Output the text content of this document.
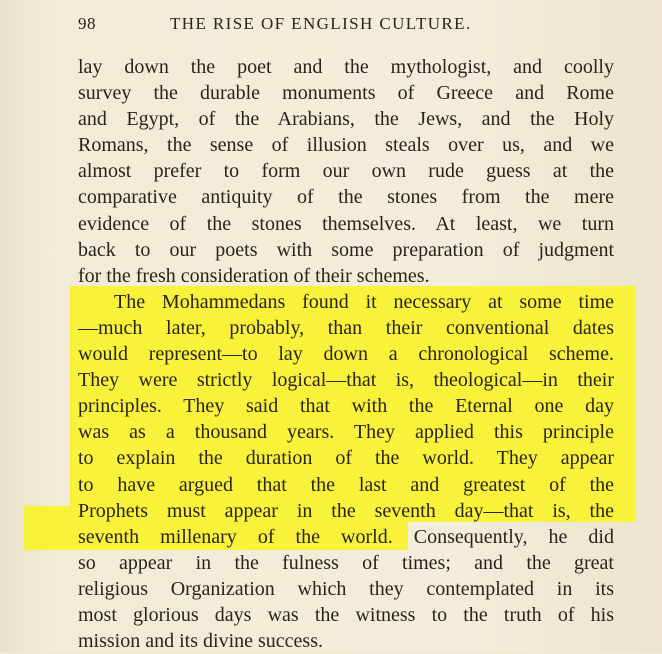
98	THE RISE OF ENGLISH CULTURE.
lay down the poet and the mythologist, and coolly
survey the durable monuments of Greece and Rome
and Egypt, of the Arabians, the Jews, and the Holy
Romans, the sense of illusion steals over us, and we
almost prefer to form our own rude guess at the
comparative antiquity of the stones from the mere
evidence of the stones themselves. At least, we turn
back to our poets with some preparation of judgment
for the fresh consideration of their schemes.
The Mohammedans found it necessary at some time
—much later, probably, than their conventional dates
would represent—to lay down a chronological scheme.
They were strictly logical—that is, theological—in their
principles. They said that with the Eternal one day
was as a thousand years. They applied this principle
to explain the duration of the world. They appear
to have argued that the last and greatest of the
Prophets must appear in the seventh day—that is, the
seventh millenary of the world. Consequently, he did
so appear in the fulness of times; and the great
religious Organization which they contemplated in its
most glorious days was the witness to the truth of his
mission and its divine success.
